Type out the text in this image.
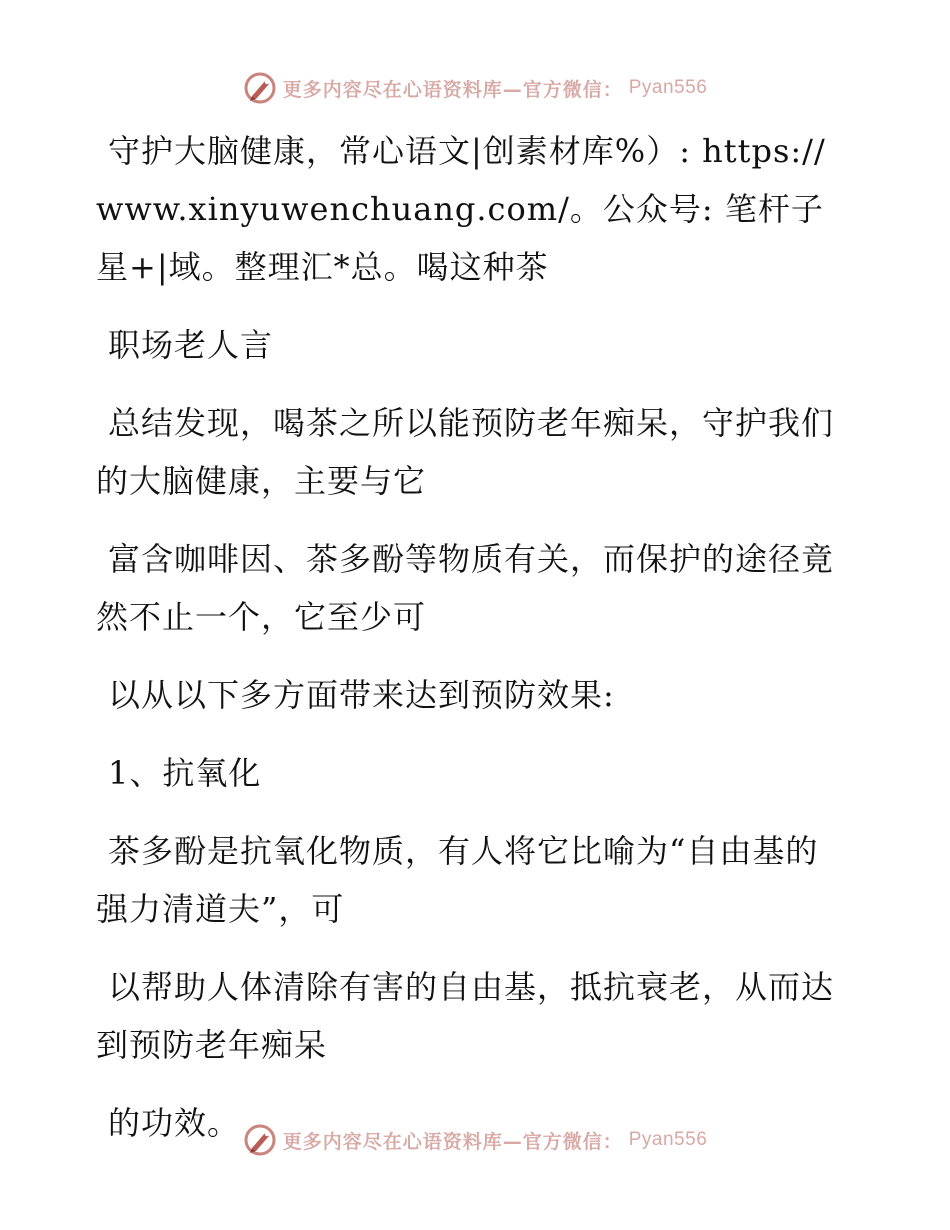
更多内容尽在心语资料库—官方微信： Pyan556

守护大脑健康，常心语文|创素材库%）: https://www.xinyuwenchuang.com/。公众号: 笔杆子星+|域。整理汇*总。喝这种茶

职场老人言

总结发现，喝茶之所以能预防老年痴呆，守护我们的大脑健康，主要与它

富含咖啡因、茶多酚等物质有关，而保护的途径竟然不止一个，它至少可

以从以下多方面带来达到预防效果:

1、抗氧化

茶多酚是抗氧化物质，有人将它比喻为“自由基的强力清道夫”，可

以帮助人体清除有害的自由基，抵抗衰老，从而达到预防老年痴呆

的功效。	更多内容尽在心语资料库—官方微信： Pyan556
